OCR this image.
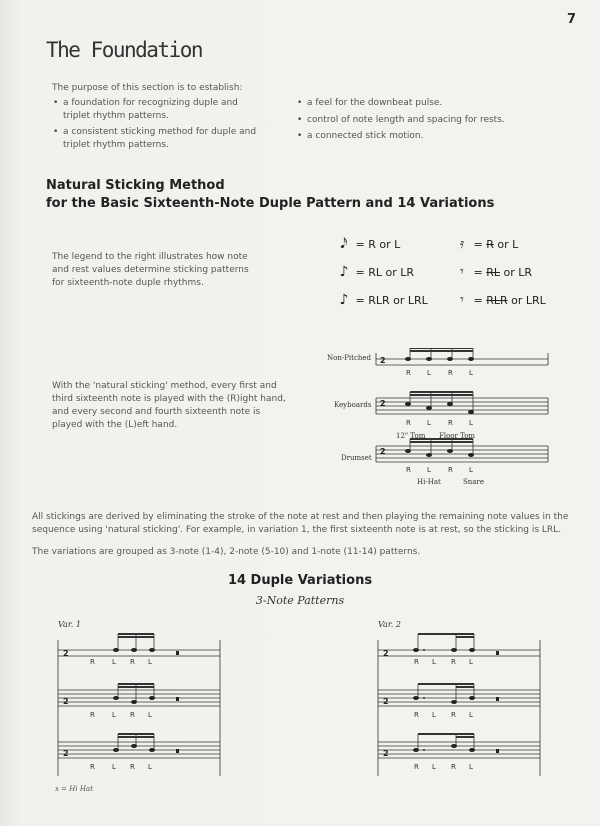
7
The Foundation
The purpose of this section is to establish:
• a foundation for recognizing duple and triplet rhythm patterns.
• a consistent sticking method for duple and triplet rhythm patterns.
• a feel for the downbeat pulse.
• control of note length and spacing for rests.
• a connected stick motion.
Natural Sticking Method
for the Basic Sixteenth-Note Duple Pattern and 14 Variations
The legend to the right illustrates how note and rest values determine sticking patterns for sixteenth-note duple rhythms.
𝅘𝅥𝅯 = R or L
♪ = RL or LR
♪ = RLR or LRL
𝄿 = R or L
𝄾 = RL or LR
𝄾 = RLR or LRL
With the 'natural sticking' method, every first and third sixteenth note is played with the (R)ight hand, and every second and fourth sixteenth note is played with the (L)eft hand.
Non-Pitched
Keyboards
Drumset
2
2
2
R L R L
R L R L
12" Tom Floor Tom
R L R L
Hi-Hat	Snare
All stickings are derived by eliminating the stroke of the note at rest and then playing the remaining note values in the sequence using 'natural sticking'. For example, in variation 1, the first sixteenth note is at rest, so the sticking is LRL.
The variations are grouped as 3-note (1-4), 2-note (5-10) and 1-note (11-14) patterns.
14 Duple Variations
3-Note Patterns
Var. 1
2
2
2
R L R L
R L R L
R L R L
Var. 2
2
2
2
R L R L
R L R L
R L R L
x = Hi Hat
